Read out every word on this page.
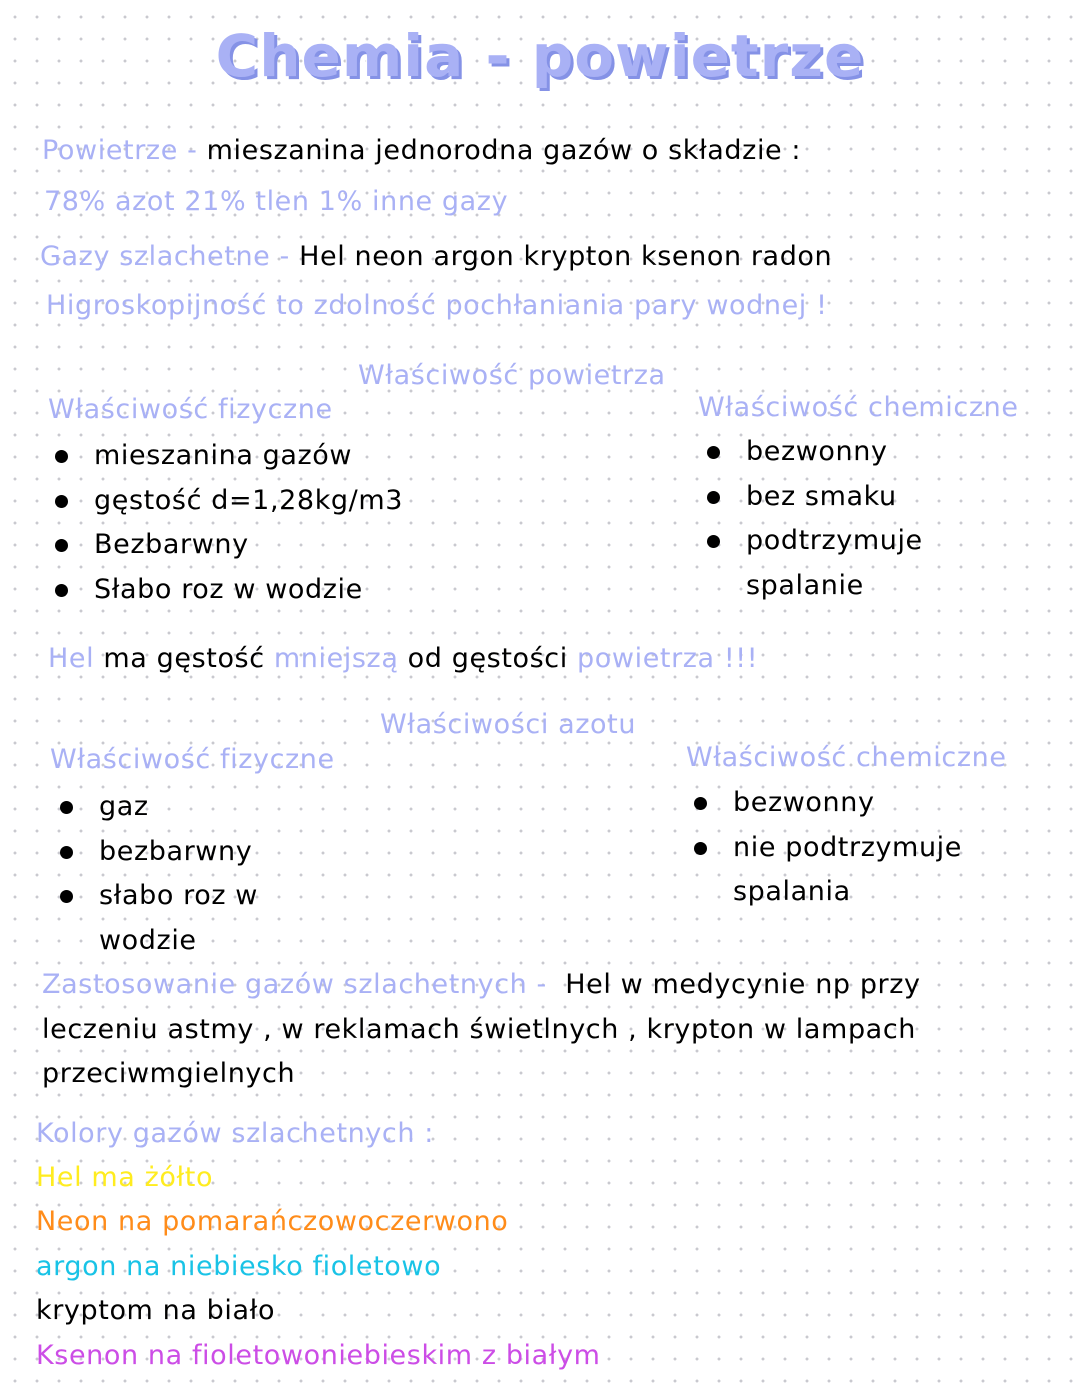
Chemia - powietrze
Powietrze - mieszanina jednorodna gazów o składzie :
78% azot 21% tlen 1% inne gazy
Gazy szlachetne - Hel neon argon krypton ksenon radon
Higroskopijność to zdolność pochłaniania pary wodnej !
Właściwość powietrza
Właściwość fizyczne	Właściwość chemiczne
mieszanina gazów
gęstość d=1,28kg/m3
Bezbarwny
Słabo roz w wodzie
bezwonny
bez smaku
podtrzymuje spalanie
Hel ma gęstość mniejszą od gęstości powietrza !!!
Właściwości azotu
Właściwość fizyczne	Właściwość chemiczne
gaz
bezbarwny
słabo roz w wodzie
bezwonny
nie podtrzymuje spalania
Zastosowanie gazów szlachetnych - Hel w medycynie np przy leczeniu astmy , w reklamach świetlnych , krypton w lampach przeciwmgielnych
Kolory gazów szlachetnych :
Hel ma żółto
Neon na pomarańczowoczerwono
argon na niebiesko fioletowo
kryptom na biało
Ksenon na fioletowoniebieskim z białym
